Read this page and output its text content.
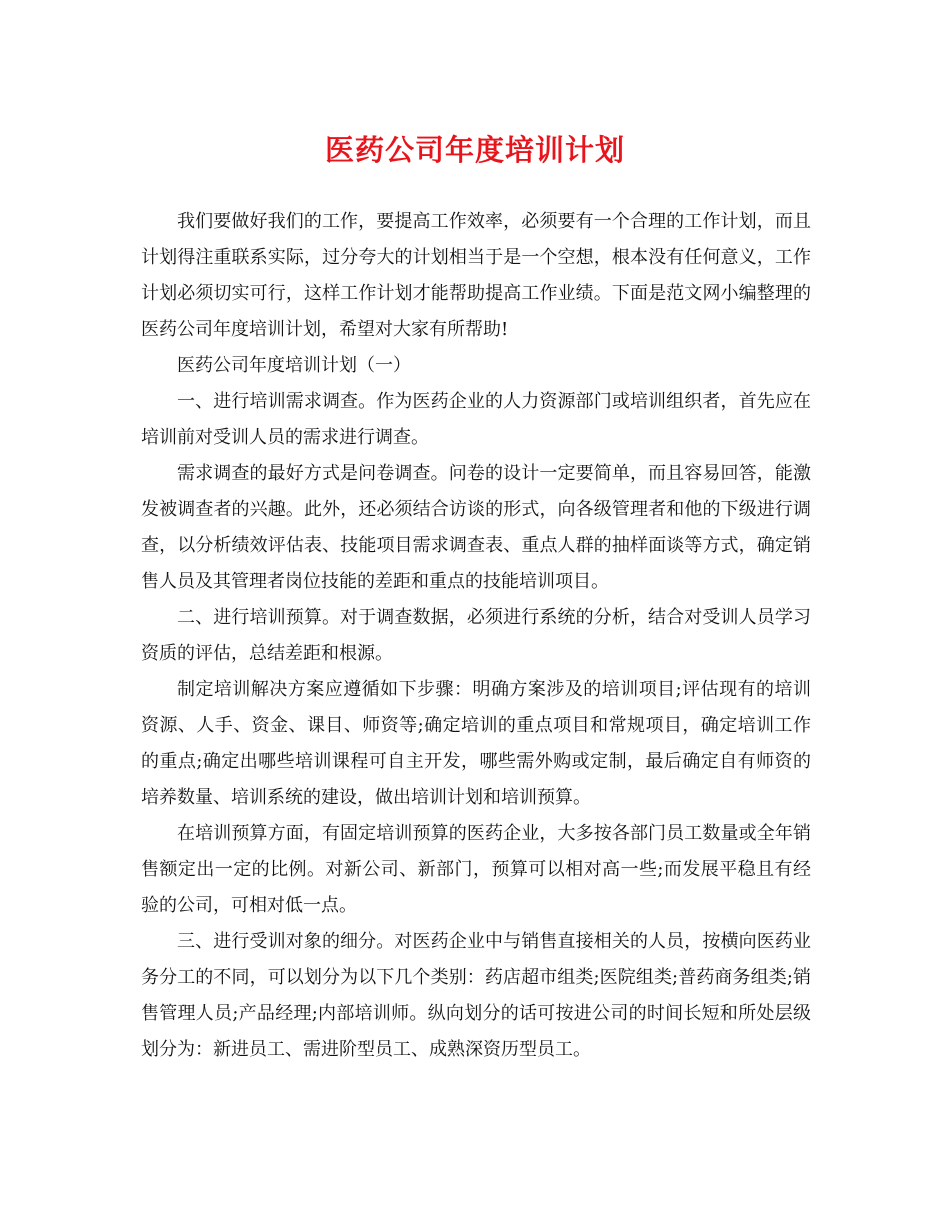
医药公司年度培训计划

我们要做好我们的工作，要提高工作效率，必须要有一个合理的工作计划，而且计划得注重联系实际，过分夸大的计划相当于是一个空想，根本没有任何意义，工作计划必须切实可行，这样工作计划才能帮助提高工作业绩。下面是范文网小编整理的医药公司年度培训计划，希望对大家有所帮助!

医药公司年度培训计划（一）

一、进行培训需求调查。作为医药企业的人力资源部门或培训组织者，首先应在培训前对受训人员的需求进行调查。

需求调查的最好方式是问卷调查。问卷的设计一定要简单，而且容易回答，能激发被调查者的兴趣。此外，还必须结合访谈的形式，向各级管理者和他的下级进行调查，以分析绩效评估表、技能项目需求调查表、重点人群的抽样面谈等方式，确定销售人员及其管理者岗位技能的差距和重点的技能培训项目。

二、进行培训预算。对于调查数据，必须进行系统的分析，结合对受训人员学习资质的评估，总结差距和根源。

制定培训解决方案应遵循如下步骤：明确方案涉及的培训项目;评估现有的培训资源、人手、资金、课目、师资等;确定培训的重点项目和常规项目，确定培训工作的重点;确定出哪些培训课程可自主开发，哪些需外购或定制，最后确定自有师资的培养数量、培训系统的建设，做出培训计划和培训预算。

在培训预算方面，有固定培训预算的医药企业，大多按各部门员工数量或全年销售额定出一定的比例。对新公司、新部门，预算可以相对高一些;而发展平稳且有经验的公司，可相对低一点。

三、进行受训对象的细分。对医药企业中与销售直接相关的人员，按横向医药业务分工的不同，可以划分为以下几个类别：药店超市组类;医院组类;普药商务组类;销售管理人员;产品经理;内部培训师。纵向划分的话可按进公司的时间长短和所处层级划分为：新进员工、需进阶型员工、成熟深资历型员工。
